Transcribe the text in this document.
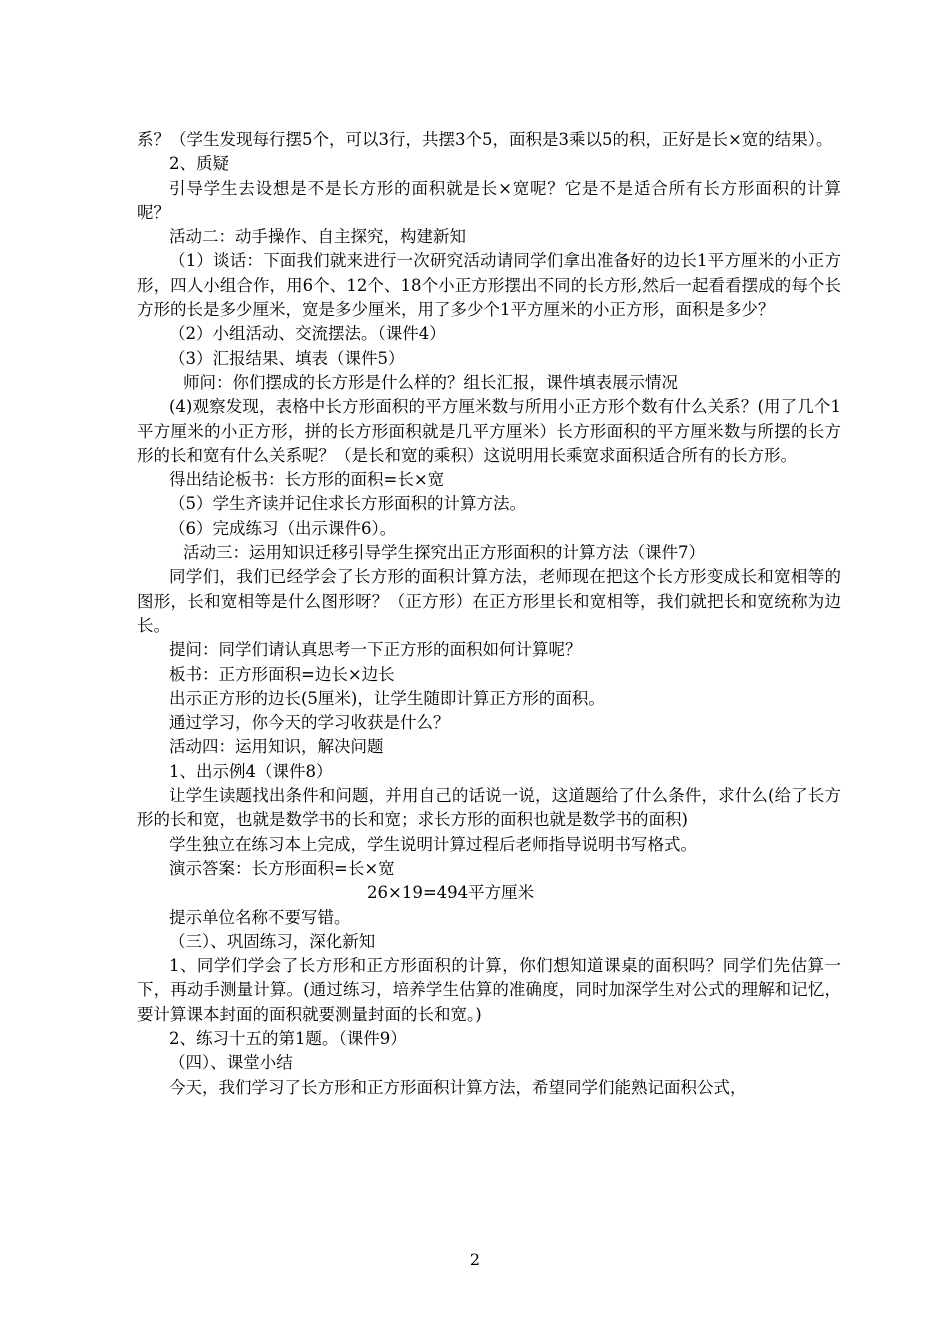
系？（学生发现每行摆5个，可以3行，共摆3个5，面积是3乘以5的积，正好是长×宽的结果）。

2、质疑

引导学生去设想是不是长方形的面积就是长×宽呢？它是不是适合所有长方形面积的计算呢？

活动二：动手操作、自主探究，构建新知

（1）谈话：下面我们就来进行一次研究活动请同学们拿出准备好的边长1平方厘米的小正方形，四人小组合作，用6个、12个、18个小正方形摆出不同的长方形,然后一起看看摆成的每个长方形的长是多少厘米，宽是多少厘米，用了多少个1平方厘米的小正方形，面积是多少？

（2）小组活动、交流摆法。（课件4）

（3）汇报结果、填表（课件5）

师问：你们摆成的长方形是什么样的？组长汇报，课件填表展示情况

(4)观察发现，表格中长方形面积的平方厘米数与所用小正方形个数有什么关系？(用了几个1平方厘米的小正方形，拼的长方形面积就是几平方厘米）长方形面积的平方厘米数与所摆的长方形的长和宽有什么关系呢？（是长和宽的乘积）这说明用长乘宽求面积适合所有的长方形。

得出结论板书：长方形的面积=长×宽

（5）学生齐读并记住求长方形面积的计算方法。

（6）完成练习（出示课件6）。

活动三：运用知识迁移引导学生探究出正方形面积的计算方法（课件7）

同学们，我们已经学会了长方形的面积计算方法，老师现在把这个长方形变成长和宽相等的图形，长和宽相等是什么图形呀？（正方形）在正方形里长和宽相等，我们就把长和宽统称为边长。

提问：同学们请认真思考一下正方形的面积如何计算呢？

板书：正方形面积=边长×边长

出示正方形的边长(5厘米)，让学生随即计算正方形的面积。

通过学习，你今天的学习收获是什么？

活动四：运用知识，解决问题

1、出示例4（课件8）

让学生读题找出条件和问题，并用自己的话说一说，这道题给了什么条件，求什么(给了长方形的长和宽，也就是数学书的长和宽；求长方形的面积也就是数学书的面积)

学生独立在练习本上完成，学生说明计算过程后老师指导说明书写格式。

演示答案：长方形面积=长×宽

26×19=494平方厘米

提示单位名称不要写错。

（三）、巩固练习，深化新知

1、同学们学会了长方形和正方形面积的计算，你们想知道课桌的面积吗？同学们先估算一下，再动手测量计算。(通过练习，培养学生估算的准确度，同时加深学生对公式的理解和记忆，要计算课本封面的面积就要测量封面的长和宽。)

2、练习十五的第1题。（课件9）

（四）、课堂小结

今天，我们学习了长方形和正方形面积计算方法，希望同学们能熟记面积公式，

2
